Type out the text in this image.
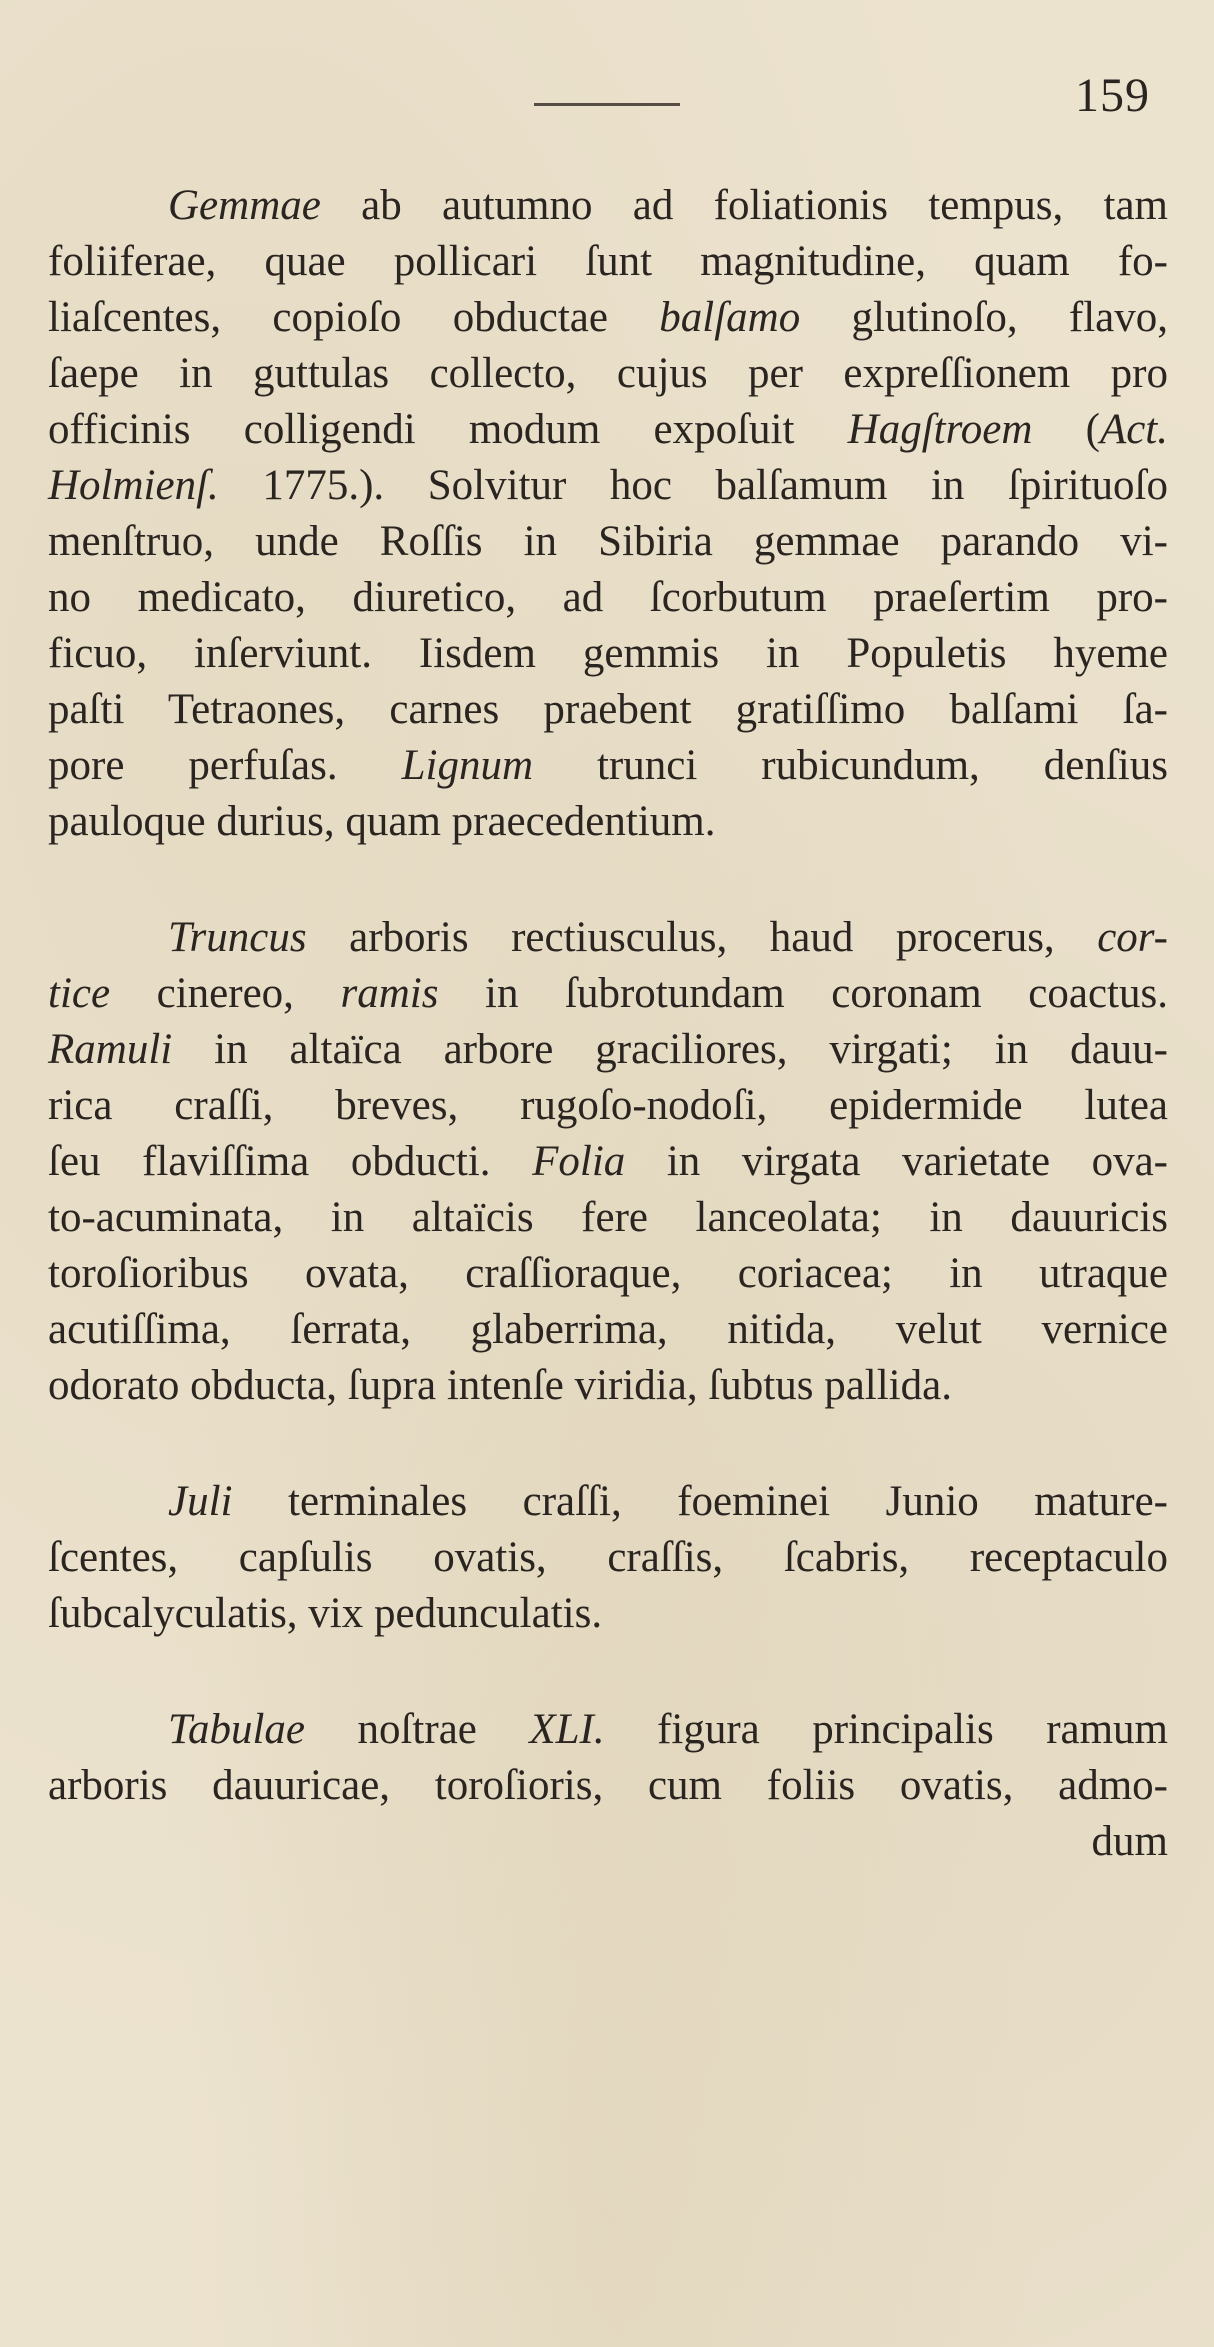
159
Gemmae ab autumno ad foliationis tempus, tam
foliiferae, quae pollicari ſunt magnitudine, quam fo-
liaſcentes, copioſo obductae balſamo glutinoſo, flavo,
ſaepe in guttulas collecto, cujus per expreſſionem pro
officinis colligendi modum expoſuit Hagſtroem (Act.
Holmienſ. 1775.). Solvitur hoc balſamum in ſpirituoſo
menſtruo, unde Roſſis in Sibiria gemmae parando vi-
no medicato, diuretico, ad ſcorbutum praeſertim pro-
ficuo, inſerviunt. Iisdem gemmis in Populetis hyeme
paſti Tetraones, carnes praebent gratiſſimo balſami ſa-
pore perfuſas. Lignum trunci rubicundum, denſius
pauloque durius, quam praecedentium.
Truncus arboris rectiusculus, haud procerus, cor-
tice cinereo, ramis in ſubrotundam coronam coactus.
Ramuli in altaïca arbore graciliores, virgati; in dauu-
rica craſſi, breves, rugoſo-nodoſi, epidermide lutea
ſeu flaviſſima obducti. Folia in virgata varietate ova-
to-acuminata, in altaïcis fere lanceolata; in dauuricis
toroſioribus ovata, craſſioraque, coriacea; in utraque
acutiſſima, ſerrata, glaberrima, nitida, velut vernice
odorato obducta, ſupra intenſe viridia, ſubtus pallida.
Juli terminales craſſi, foeminei Junio mature-
ſcentes, capſulis ovatis, craſſis, ſcabris, receptaculo
ſubcalyculatis, vix pedunculatis.
Tabulae noſtrae XLI. figura principalis ramum
arboris dauuricae, toroſioris, cum foliis ovatis, admo-
dum
